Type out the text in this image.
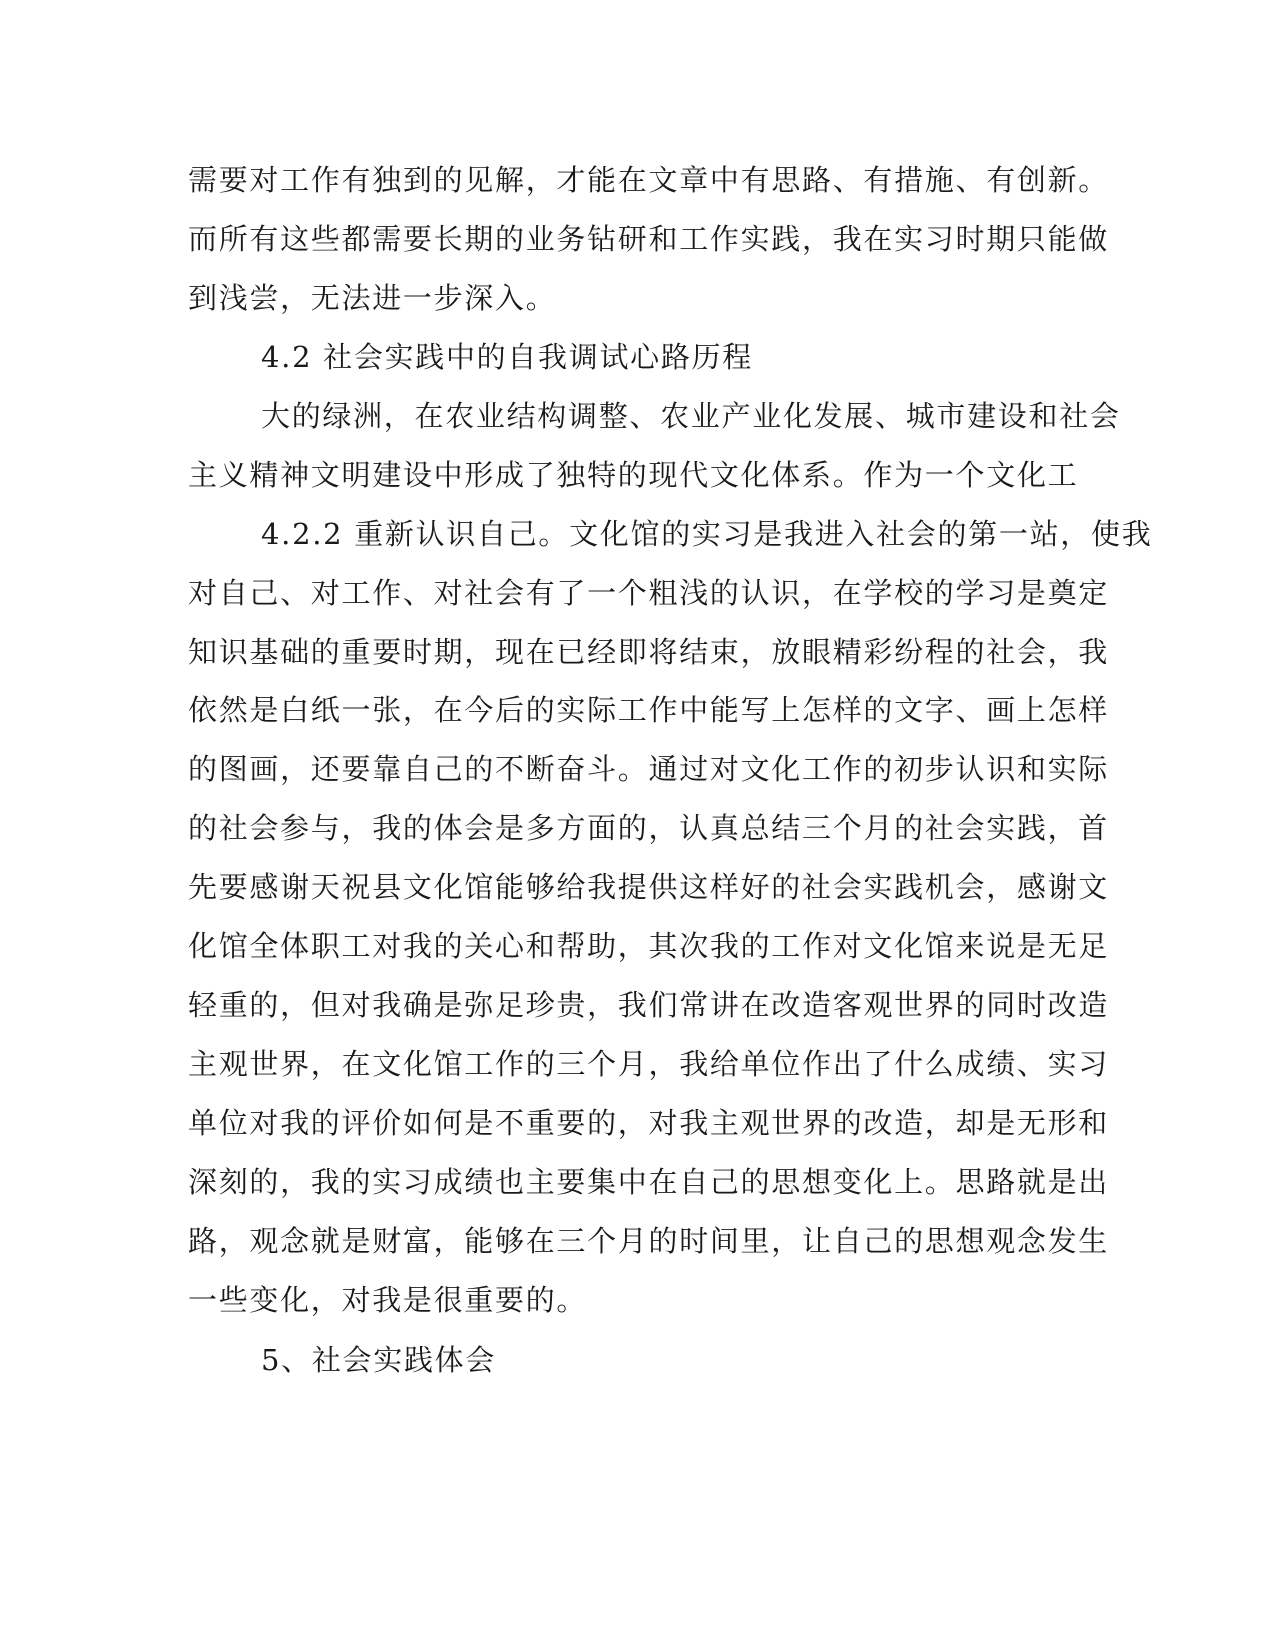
需要对工作有独到的见解，才能在文章中有思路、有措施、有创新。

而所有这些都需要长期的业务钻研和工作实践，我在实习时期只能做

到浅尝，无法进一步深入。

4.2 社会实践中的自我调试心路历程

大的绿洲，在农业结构调整、农业产业化发展、城市建设和社会

主义精神文明建设中形成了独特的现代文化体系。作为一个文化工

4.2.2 重新认识自己。文化馆的实习是我进入社会的第一站，使我

对自己、对工作、对社会有了一个粗浅的认识，在学校的学习是奠定

知识基础的重要时期，现在已经即将结束，放眼精彩纷程的社会，我

依然是白纸一张，在今后的实际工作中能写上怎样的文字、画上怎样

的图画，还要靠自己的不断奋斗。通过对文化工作的初步认识和实际

的社会参与，我的体会是多方面的，认真总结三个月的社会实践，首

先要感谢天祝县文化馆能够给我提供这样好的社会实践机会，感谢文

化馆全体职工对我的关心和帮助，其次我的工作对文化馆来说是无足

轻重的，但对我确是弥足珍贵，我们常讲在改造客观世界的同时改造

主观世界，在文化馆工作的三个月，我给单位作出了什么成绩、实习

单位对我的评价如何是不重要的，对我主观世界的改造，却是无形和

深刻的，我的实习成绩也主要集中在自己的思想变化上。思路就是出

路，观念就是财富，能够在三个月的时间里，让自己的思想观念发生

一些变化，对我是很重要的。

5、社会实践体会
